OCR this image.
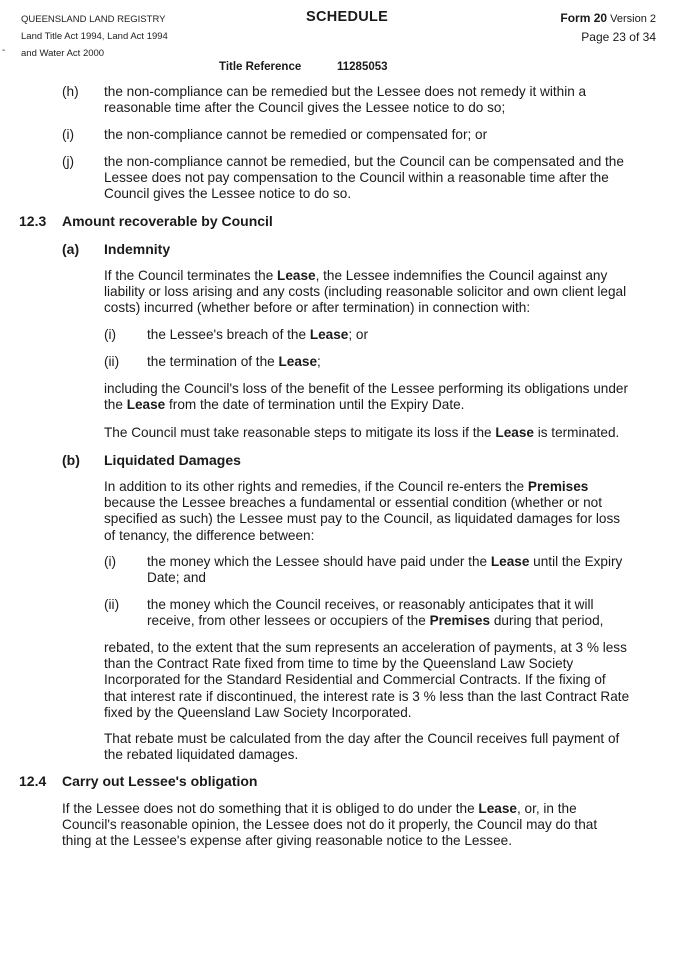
QUEENSLAND LAND REGISTRY
Land Title Act 1994, Land Act 1994
and Water Act 2000
-
SCHEDULE	Form 20 Version 2
Page 23 of 34
Title Reference	11285053
(h) the non-compliance can be remedied but the Lessee does not remedy it within a
reasonable time after the Council gives the Lessee notice to do so;
(i) the non-compliance cannot be remedied or compensated for; or
(j) the non-compliance cannot be remedied, but the Council can be compensated and the
Lessee does not pay compensation to the Council within a reasonable time after the
Council gives the Lessee notice to do so.
12.3 Amount recoverable by Council
(a) Indemnity
If the Council terminates the Lease, the Lessee indemnifies the Council against any
liability or loss arising and any costs (including reasonable solicitor and own client legal
costs) incurred (whether before or after termination) in connection with:
(i) the Lessee's breach of the Lease; or
(ii) the termination of the Lease;
including the Council's loss of the benefit of the Lessee performing its obligations under
the Lease from the date of termination until the Expiry Date.
The Council must take reasonable steps to mitigate its loss if the Lease is terminated.
(b) Liquidated Damages
In addition to its other rights and remedies, if the Council re-enters the Premises
because the Lessee breaches a fundamental or essential condition (whether or not
specified as such) the Lessee must pay to the Council, as liquidated damages for loss
of tenancy, the difference between:
(i) the money which the Lessee should have paid under the Lease until the Expiry
Date; and
(ii) the money which the Council receives, or reasonably anticipates that it will
receive, from other lessees or occupiers of the Premises during that period,
rebated, to the extent that the sum represents an acceleration of payments, at 3 % less
than the Contract Rate fixed from time to time by the Queensland Law Society
Incorporated for the Standard Residential and Commercial Contracts. If the fixing of
that interest rate if discontinued, the interest rate is 3 % less than the last Contract Rate
fixed by the Queensland Law Society Incorporated.
That rebate must be calculated from the day after the Council receives full payment of
the rebated liquidated damages.
12.4 Carry out Lessee's obligation
If the Lessee does not do something that it is obliged to do under the Lease, or, in the
Council's reasonable opinion, the Lessee does not do it properly, the Council may do that
thing at the Lessee's expense after giving reasonable notice to the Lessee.
